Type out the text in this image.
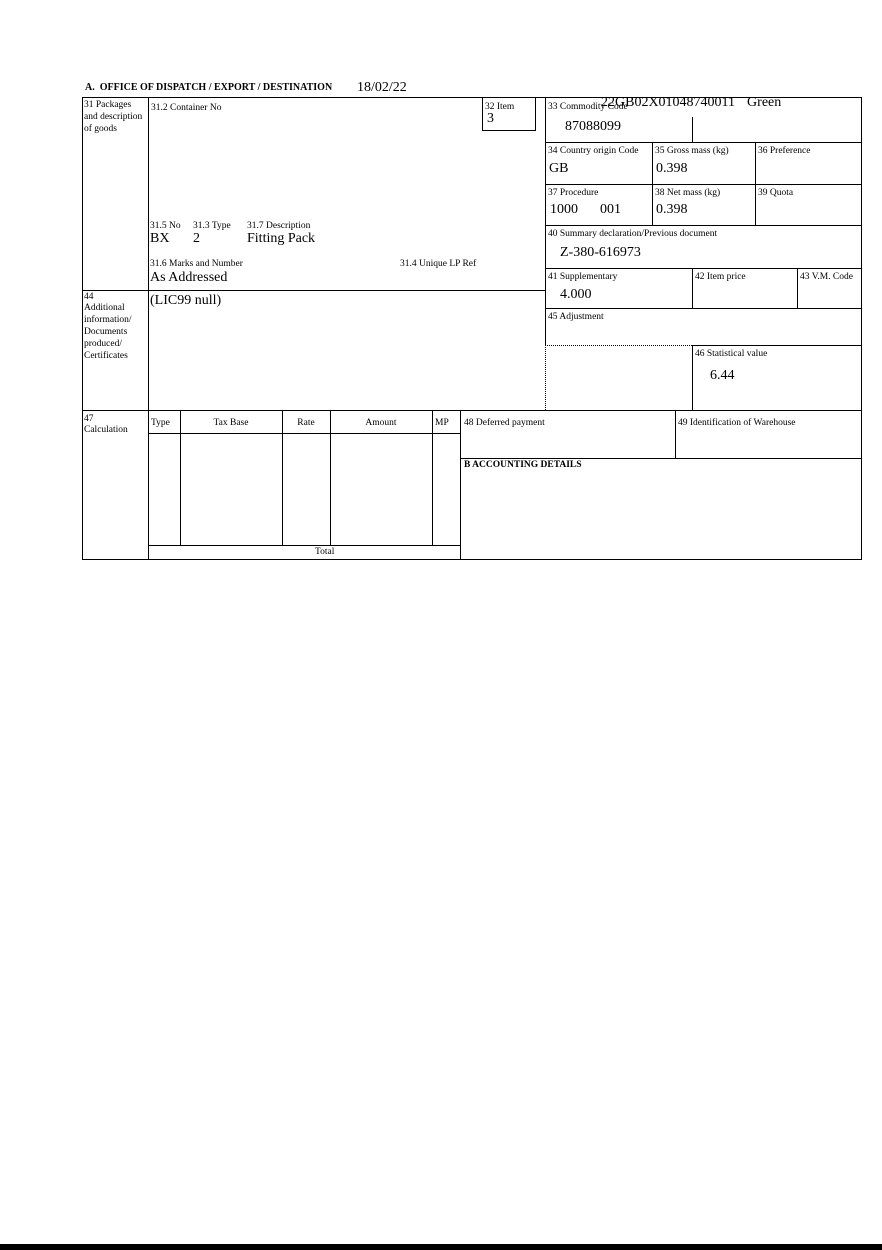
A.  OFFICE OF DISPATCH / EXPORT / DESTINATION 18/02/22

22GB02X01048740011 Green

31 Packages and description of goods
44
Additional information/ Documents produced/ Certificates
47
Calculation
31.2 Container No	32 Item
3
31.5 No 31.3 Type 31.7 Description
BX 2	Fitting Pack
31.6 Marks and Number	31.4 Unique LP Ref
As Addressed
(LIC99 null)
33 Commodity Code
87088099
34 Country origin Code
GB
35 Gross mass (kg)
0.398
36 Preference
37 Procedure
1000 001
38 Net mass (kg)
0.398
39 Quota
40 Summary declaration/Previous document
Z-380-616973
41 Supplementary
4.000
42 Item price	43 V.M. Code
45 Adjustment
46 Statistical value
6.44
Type	Tax Base	Rate	Amount	MP
Total
48 Deferred payment	49 Identification of Warehouse
B ACCOUNTING DETAILS
